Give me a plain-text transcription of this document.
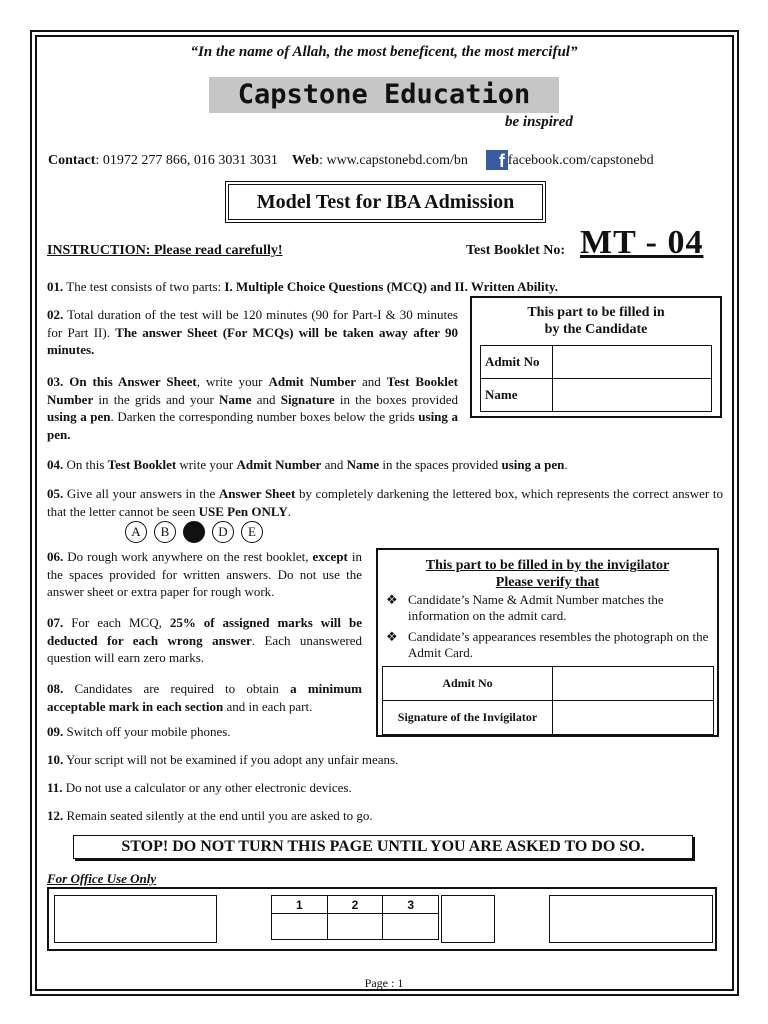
“In the name of Allah, the most beneficent, the most merciful”
Capstone Education
be inspired
Contact: 01972 277 866, 016 3031 3031 Web: www.capstonebd.com/bn f facebook.com/capstonebd
Model Test for IBA Admission
INSTRUCTION: Please read carefully!	Test Booklet No: MT - 04
01. The test consists of two parts: I. Multiple Choice Questions (MCQ) and II. Written Ability.
02. Total duration of the test will be 120 minutes (90 for Part-I & 30 minutes for Part II). The answer Sheet (For MCQs) will be taken away after 90 minutes.
03. On this Answer Sheet, write your Admit Number and Test Booklet Number in the grids and your Name and Signature in the boxes provided using a pen. Darken the corresponding number boxes below the grids using a pen.
This part to be filled in
by the Candidate
Admit No	
Name	
04. On this Test Booklet write your Admit Number and Name in the spaces provided using a pen.
05. Give all your answers in the Answer Sheet by completely darkening the lettered box, which represents the correct answer to that the letter cannot be seen USE Pen ONLY.
A	B	D	E
06. Do rough work anywhere on the rest booklet, except in the spaces provided for written answers. Do not use the answer sheet or extra paper for rough work.
07. For each MCQ, 25% of assigned marks will be deducted for each wrong answer. Each unanswered question will earn zero marks.
08. Candidates are required to obtain a minimum acceptable mark in each section and in each part.
This part to be filled in by the invigilator
Please verify that
❖ Candidate’s Name & Admit Number matches the information on the admit card.
❖ Candidate’s appearances resembles the photograph on the Admit Card.
Admit No	
Signature of the Invigilator	
09. Switch off your mobile phones.
10. Your script will not be examined if you adopt any unfair means.
11. Do not use a calculator or any other electronic devices.
12. Remain seated silently at the end until you are asked to go.
STOP! DO NOT TURN THIS PAGE UNTIL YOU ARE ASKED TO DO SO.
For Office Use Only
1	2	3

Page : 1
